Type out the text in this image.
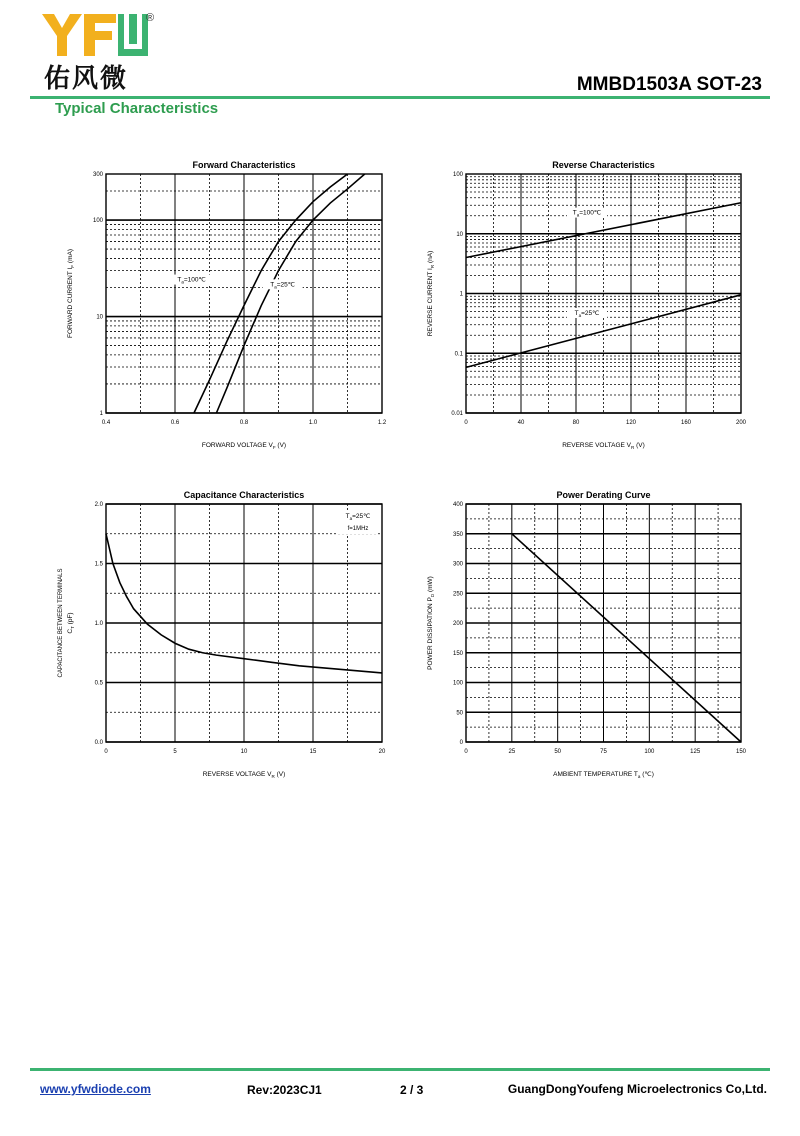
®
佑风微	MMBD1503A SOT-23
Typical Characteristics
0.4	0.6	0.8	1.0	1.2
1
10
100
300
Forward Characteristics
FORWARD VOLTAGE $V_F$ (V)
FORWARD CURRENT $I_F$ (mA)
$T_a=100℃$
$T_a=25℃$
0	40	80	120	160	200
0.01
0.1
1
10
100
Reverse Characteristics
REVERSE VOLTAGE $V_R$ (V)
REVERSE CURRENT $I_R$ (nA)
$T_a=100℃$
$T_a=25℃$
0	5	10	15	20
0.0
0.5
1.0
1.5
2.0
Capacitance Characteristics
REVERSE VOLTAGE $V_R$ (V)
CAPACITANCE BETWEEN TERMINALS $C_T$ (pF)
$T_a=25℃$
f=1MHz
0	25	50	75	100	125	150
0
50
100
150
200
250
300
350
400
Power Derating Curve
AMBIENT TEMPERATURE $T_a$ (℃)
POWER DISSIPATION $P_D$ (mW)
www.yfwdiode.com	Rev:2023CJ1	2 / 3	GuangDongYoufeng Microelectronics Co,Ltd.
